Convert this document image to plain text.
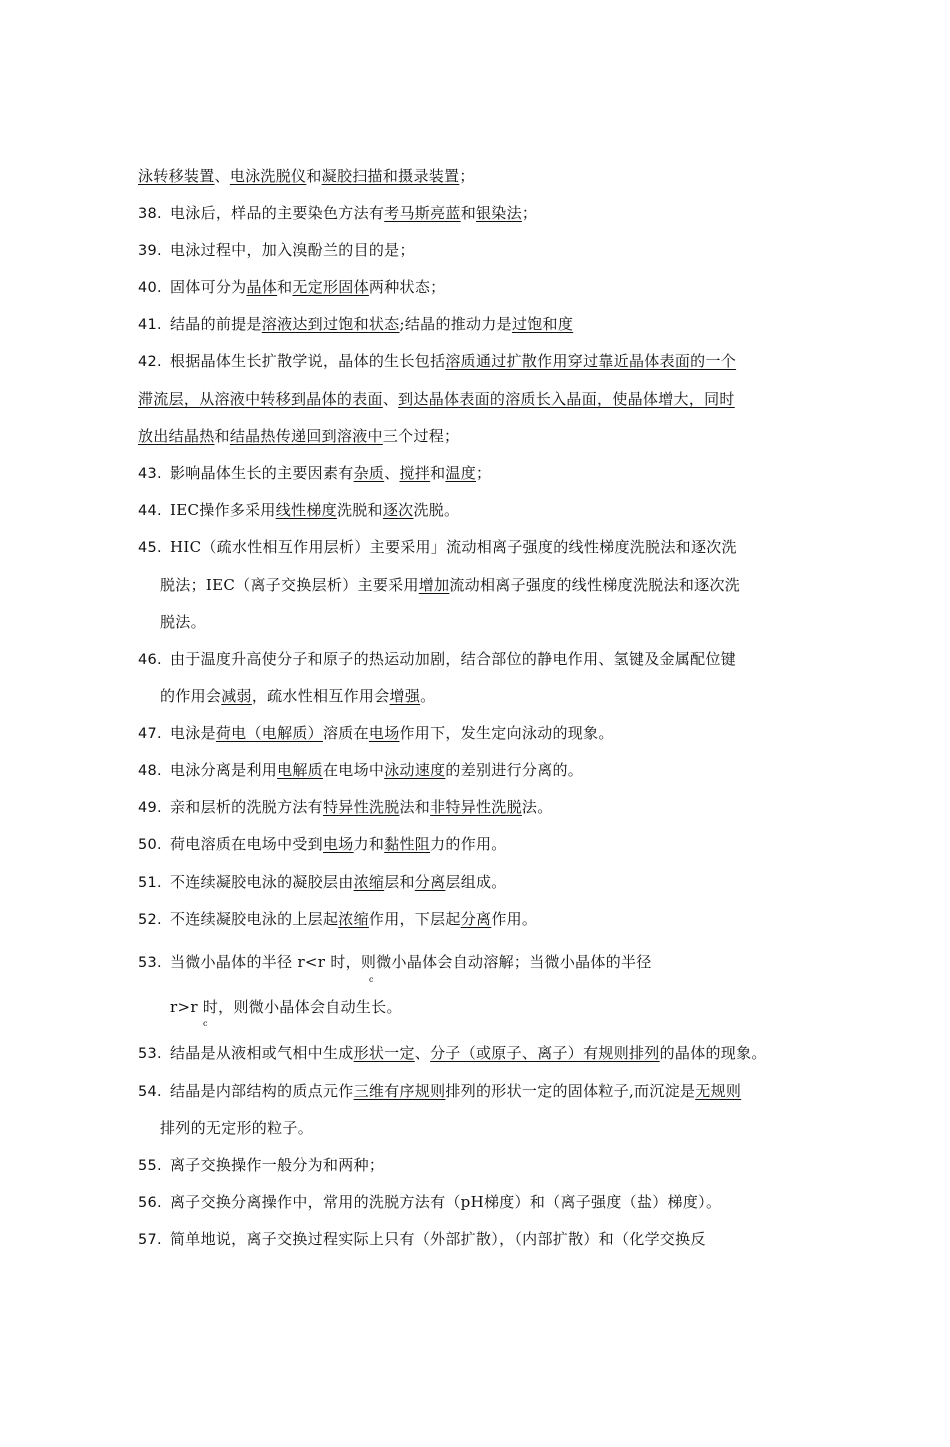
泳转移装置、电泳洗脱仪和凝胶扫描和摄录装置；
38. 电泳后，样品的主要染色方法有考马斯亮蓝和银染法；
39. 电泳过程中，加入溴酚兰的目的是；
40. 固体可分为晶体和无定形固体两种状态；
41. 结晶的前提是溶液达到过饱和状态;结晶的推动力是过饱和度
42. 根据晶体生长扩散学说，晶体的生长包括溶质通过扩散作用穿过靠近晶体表面的一个
滞流层，从溶液中转移到晶体的表面、到达晶体表面的溶质长入晶面，使晶体增大，同时
放出结晶热和结晶热传递回到溶液中三个过程；
43. 影响晶体生长的主要因素有杂质、搅拌和温度；
44. IEC操作多采用线性梯度洗脱和逐次洗脱。
45. HIC（疏水性相互作用层析）主要采用」流动相离子强度的线性梯度洗脱法和逐次洗
脱法；IEC（离子交换层析）主要采用增加流动相离子强度的线性梯度洗脱法和逐次洗
脱法。
46. 由于温度升高使分子和原子的热运动加剧，结合部位的静电作用、氢键及金属配位键
的作用会减弱，疏水性相互作用会增强。
47. 电泳是荷电（电解质）溶质在电场作用下，发生定向泳动的现象。
48. 电泳分离是利用电解质在电场中泳动速度的差别进行分离的。
49. 亲和层析的洗脱方法有特异性洗脱法和非特异性洗脱法。
50. 荷电溶质在电场中受到电场力和黏性阻力的作用。
51. 不连续凝胶电泳的凝胶层由浓缩层和分离层组成。
52. 不连续凝胶电泳的上层起浓缩作用，下层起分离作用。
53. 当微小晶体的半径 r<r 时，则微小晶体会自动溶解；当微小晶体的半径
r>r 时，则微小晶体会自动生长。
53. 结晶是从液相或气相中生成形状一定、分子（或原子、离子）有规则排列的晶体的现象。
54. 结晶是内部结构的质点元作三维有序规则排列的形状一定的固体粒子,而沉淀是无规则
排列的无定形的粒子。
55. 离子交换操作一般分为和两种；
56. 离子交换分离操作中，常用的洗脱方法有（pH梯度）和（离子强度（盐）梯度）。
57. 简单地说，离子交换过程实际上只有（外部扩散），（内部扩散）和（化学交换反
c
c
